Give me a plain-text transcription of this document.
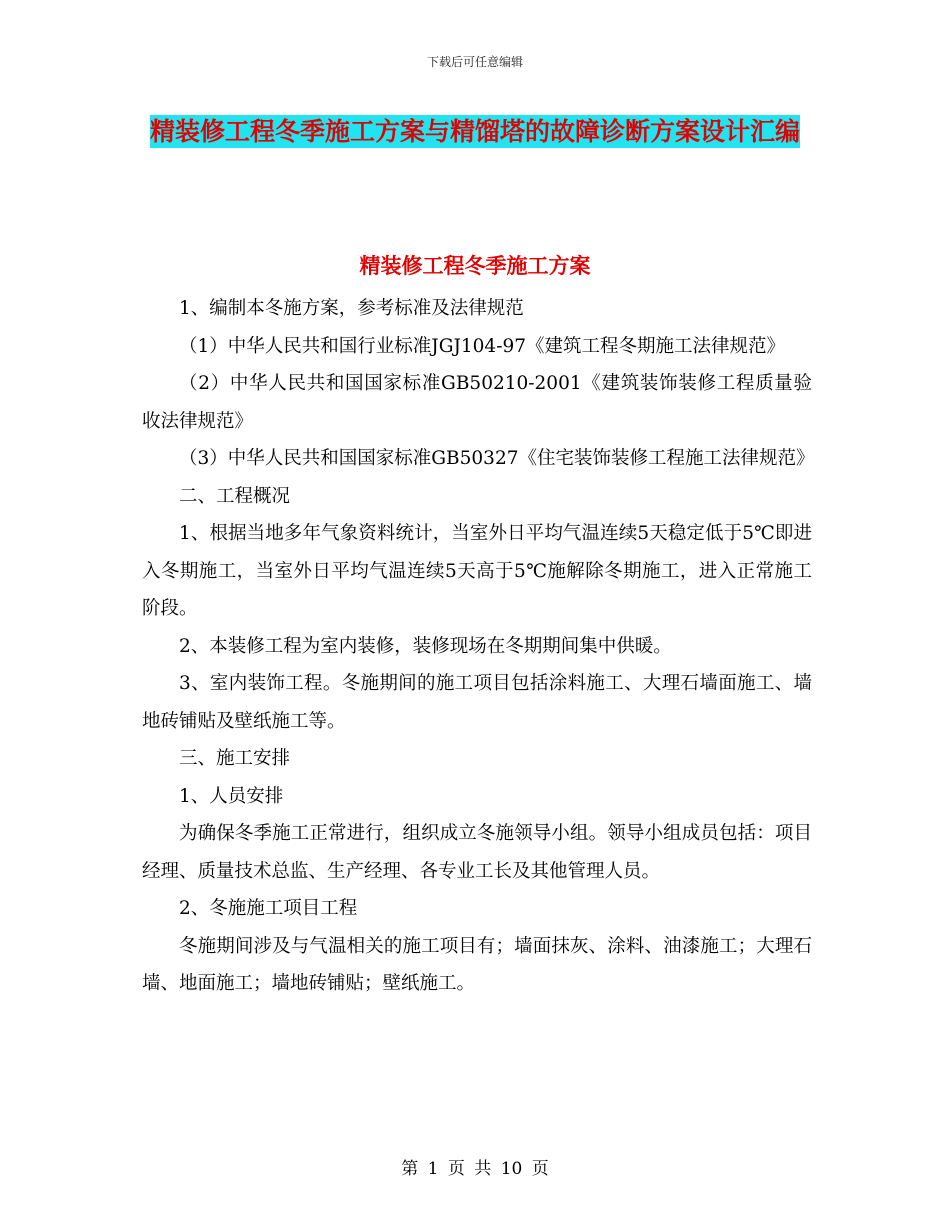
下载后可任意编辑
精装修工程冬季施工方案与精馏塔的故障诊断方案设计汇编
精装修工程冬季施工方案

1、编制本冬施方案，参考标准及法律规范

（1）中华人民共和国行业标准JGJ104-97《建筑工程冬期施工法律规范》

（2）中华人民共和国国家标准GB50210-2001《建筑装饰装修工程质量验收法律规范》

（3）中华人民共和国国家标准GB50327《住宅装饰装修工程施工法律规范》

二、工程概况

1、根据当地多年气象资料统计，当室外日平均气温连续5天稳定低于5℃即进入冬期施工，当室外日平均气温连续5天高于5℃施解除冬期施工，进入正常施工阶段。

2、本装修工程为室内装修，装修现场在冬期期间集中供暖。

3、室内装饰工程。冬施期间的施工项目包括涂料施工、大理石墙面施工、墙地砖铺贴及壁纸施工等。

三、施工安排

1、人员安排

为确保冬季施工正常进行，组织成立冬施领导小组。领导小组成员包括：项目经理、质量技术总监、生产经理、各专业工长及其他管理人员。

2、冬施施工项目工程

冬施期间涉及与气温相关的施工项目有；墙面抹灰、涂料、油漆施工；大理石墙、地面施工；墙地砖铺贴；壁纸施工。

第 1 页 共 10 页
